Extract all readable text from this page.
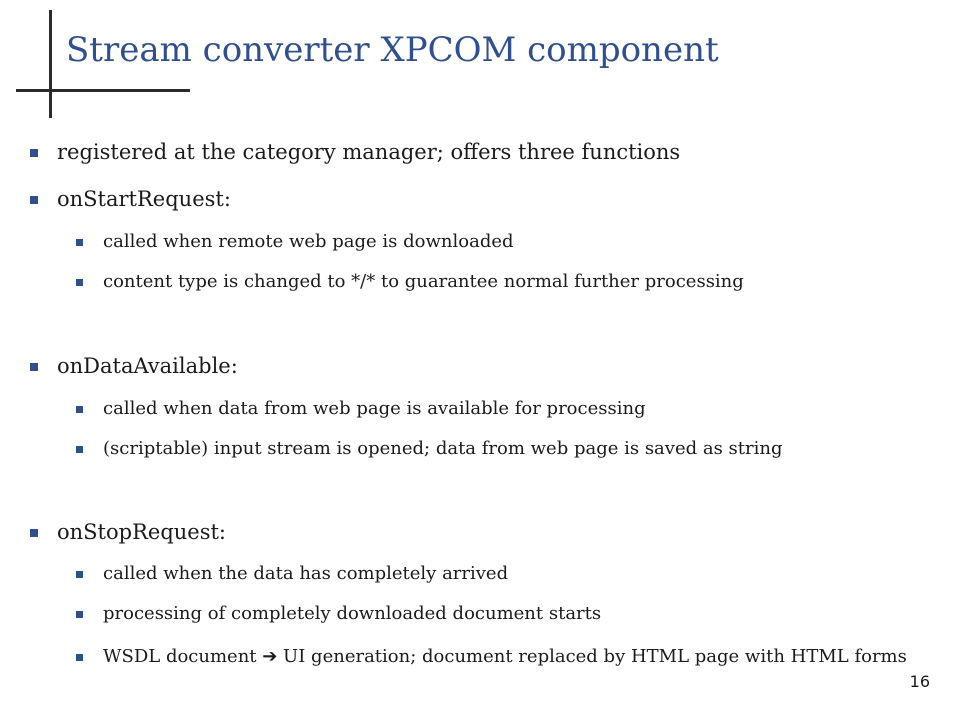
Stream converter XPCOM component
registered at the category manager; offers three functions
onStartRequest:
called when remote web page is downloaded
content type is changed to */* to guarantee normal further processing
onDataAvailable:
called when data from web page is available for processing
(scriptable) input stream is opened; data from web page is saved as string
onStopRequest:
called when the data has completely arrived
processing of completely downloaded document starts
WSDL document ➔ UI generation; document replaced by HTML page with HTML forms
16
